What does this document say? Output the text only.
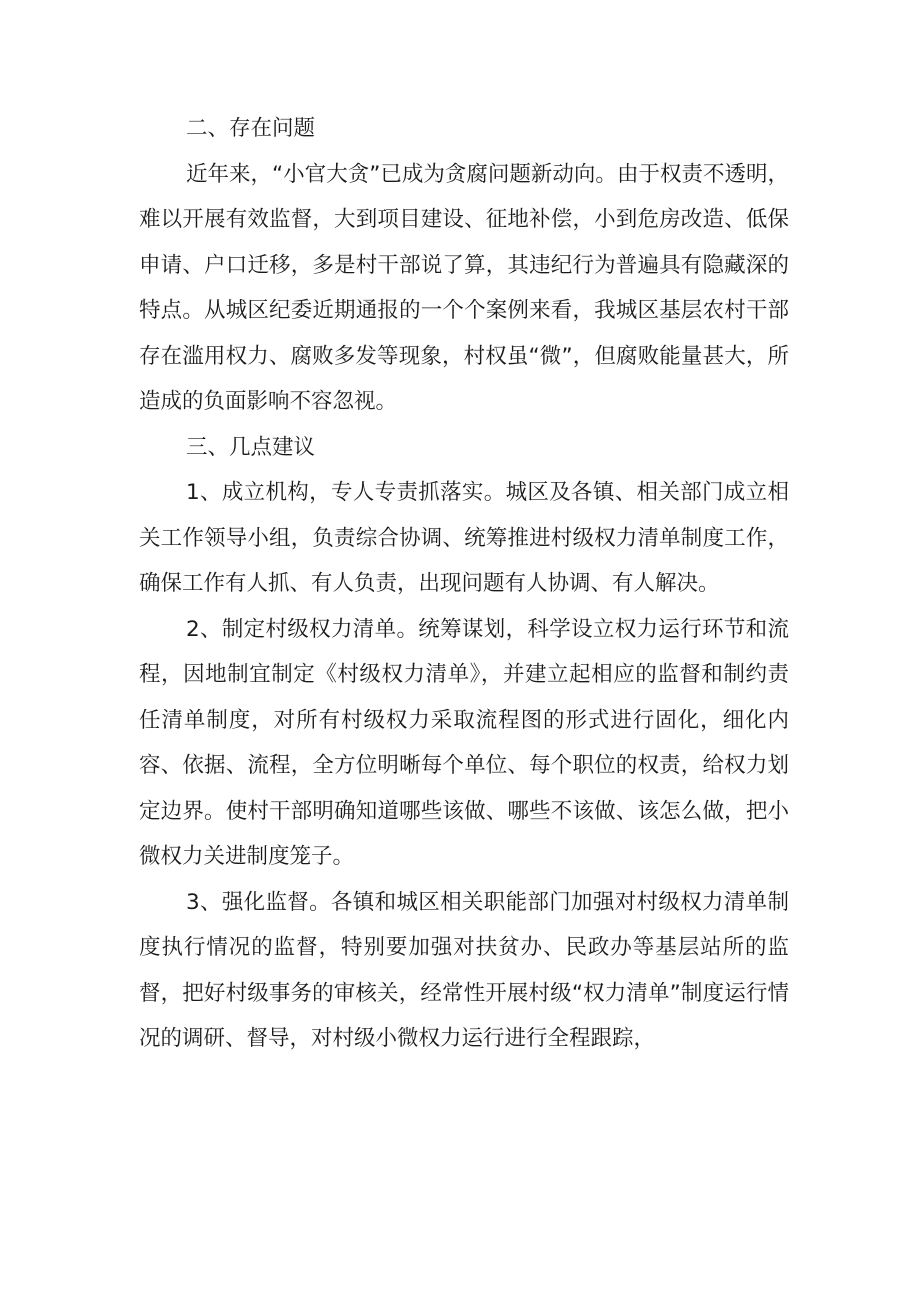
二、存在问题

近年来，“小官大贪”已成为贪腐问题新动向。由于权责不透明，难以开展有效监督，大到项目建设、征地补偿，小到危房改造、低保申请、户口迁移，多是村干部说了算，其违纪行为普遍具有隐藏深的特点。从城区纪委近期通报的一个个案例来看，我城区基层农村干部存在滥用权力、腐败多发等现象，村权虽“微”，但腐败能量甚大，所造成的负面影响不容忽视。

三、几点建议

1、成立机构，专人专责抓落实。城区及各镇、相关部门成立相关工作领导小组，负责综合协调、统筹推进村级权力清单制度工作，确保工作有人抓、有人负责，出现问题有人协调、有人解决。

2、制定村级权力清单。统筹谋划，科学设立权力运行环节和流程，因地制宜制定《村级权力清单》，并建立起相应的监督和制约责任清单制度，对所有村级权力采取流程图的形式进行固化，细化内容、依据、流程，全方位明晰每个单位、每个职位的权责，给权力划定边界。使村干部明确知道哪些该做、哪些不该做、该怎么做，把小微权力关进制度笼子。

3、强化监督。各镇和城区相关职能部门加强对村级权力清单制度执行情况的监督，特别要加强对扶贫办、民政办等基层站所的监督，把好村级事务的审核关，经常性开展村级“权力清单”制度运行情况的调研、督导，对村级小微权力运行进行全程跟踪，
